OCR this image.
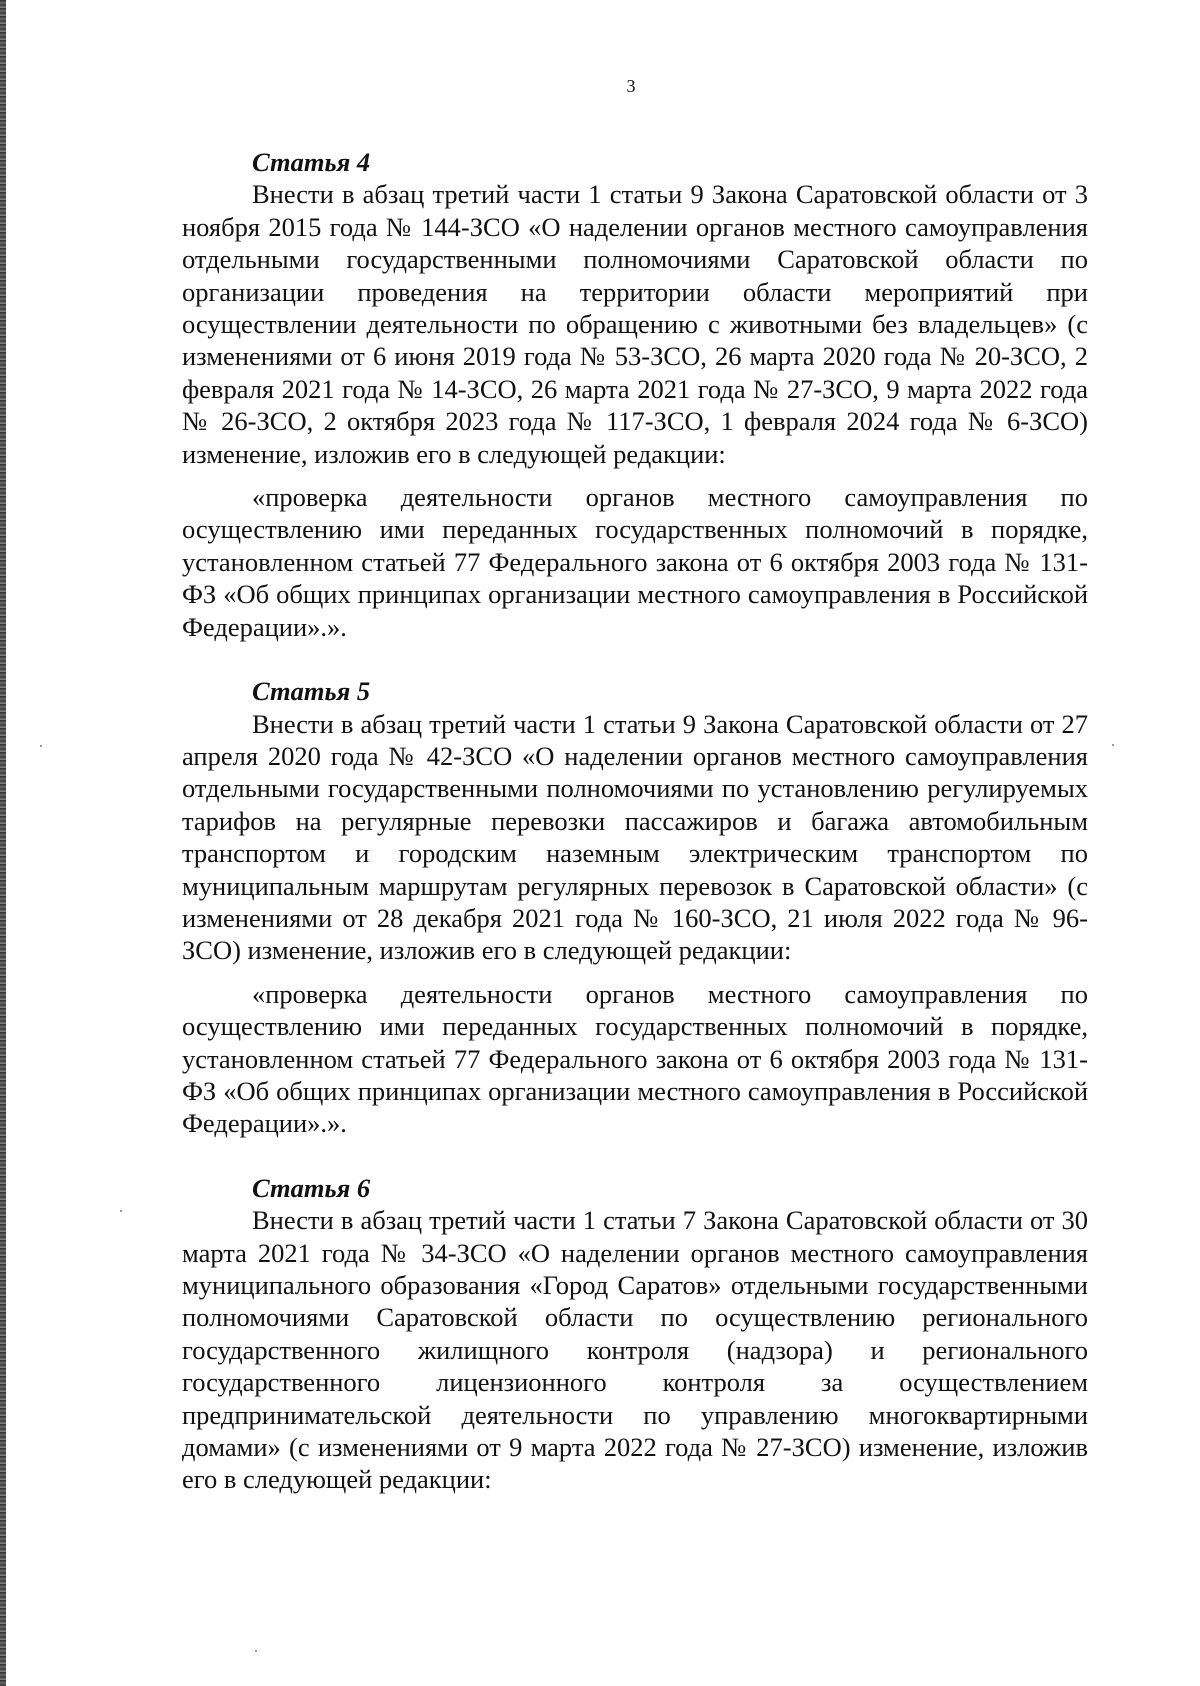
3
Статья 4

Внести в абзац третий части 1 статьи 9 Закона Саратовской области от 3 ноября 2015 года № 144-ЗСО «О наделении органов местного самоуправления отдельными государственными полномочиями Саратовской области по организации проведения на территории области мероприятий при осуществлении деятельности по обращению с животными без владельцев» (с изменениями от 6 июня 2019 года № 53-ЗСО, 26 марта 2020 года № 20-ЗСО, 2 февраля 2021 года № 14-ЗСО, 26 марта 2021 года № 27-ЗСО, 9 марта 2022 года № 26-ЗСО, 2 октября 2023 года № 117-ЗСО, 1 февраля 2024 года № 6-ЗСО) изменение, изложив его в следующей редакции:

«проверка деятельности органов местного самоуправления по осуществлению ими переданных государственных полномочий в порядке, установленном статьей 77 Федерального закона от 6 октября 2003 года № 131-ФЗ «Об общих принципах организации местного самоуправления в Российской Федерации».».

Статья 5

Внести в абзац третий части 1 статьи 9 Закона Саратовской области от 27 апреля 2020 года № 42-ЗСО «О наделении органов местного самоуправления отдельными государственными полномочиями по установлению регулируемых тарифов на регулярные перевозки пассажиров и багажа автомобильным транспортом и городским наземным электрическим транспортом по муниципальным маршрутам регулярных перевозок в Саратовской области» (с изменениями от 28 декабря 2021 года № 160-ЗСО, 21 июля 2022 года № 96-ЗСО) изменение, изложив его в следующей редакции:

«проверка деятельности органов местного самоуправления по осуществлению ими переданных государственных полномочий в порядке, установленном статьей 77 Федерального закона от 6 октября 2003 года № 131-ФЗ «Об общих принципах организации местного самоуправления в Российской Федерации».».

Статья 6

Внести в абзац третий части 1 статьи 7 Закона Саратовской области от 30 марта 2021 года № 34-ЗСО «О наделении органов местного самоуправления муниципального образования «Город Саратов» отдельными государственными полномочиями Саратовской области по осуществлению регионального государственного жилищного контроля (надзора) и регионального государственного лицензионного контроля за осуществлением предпринимательской деятельности по управлению многоквартирными домами» (с изменениями от 9 марта 2022 года № 27-ЗСО) изменение, изложив его в следующей редакции:
